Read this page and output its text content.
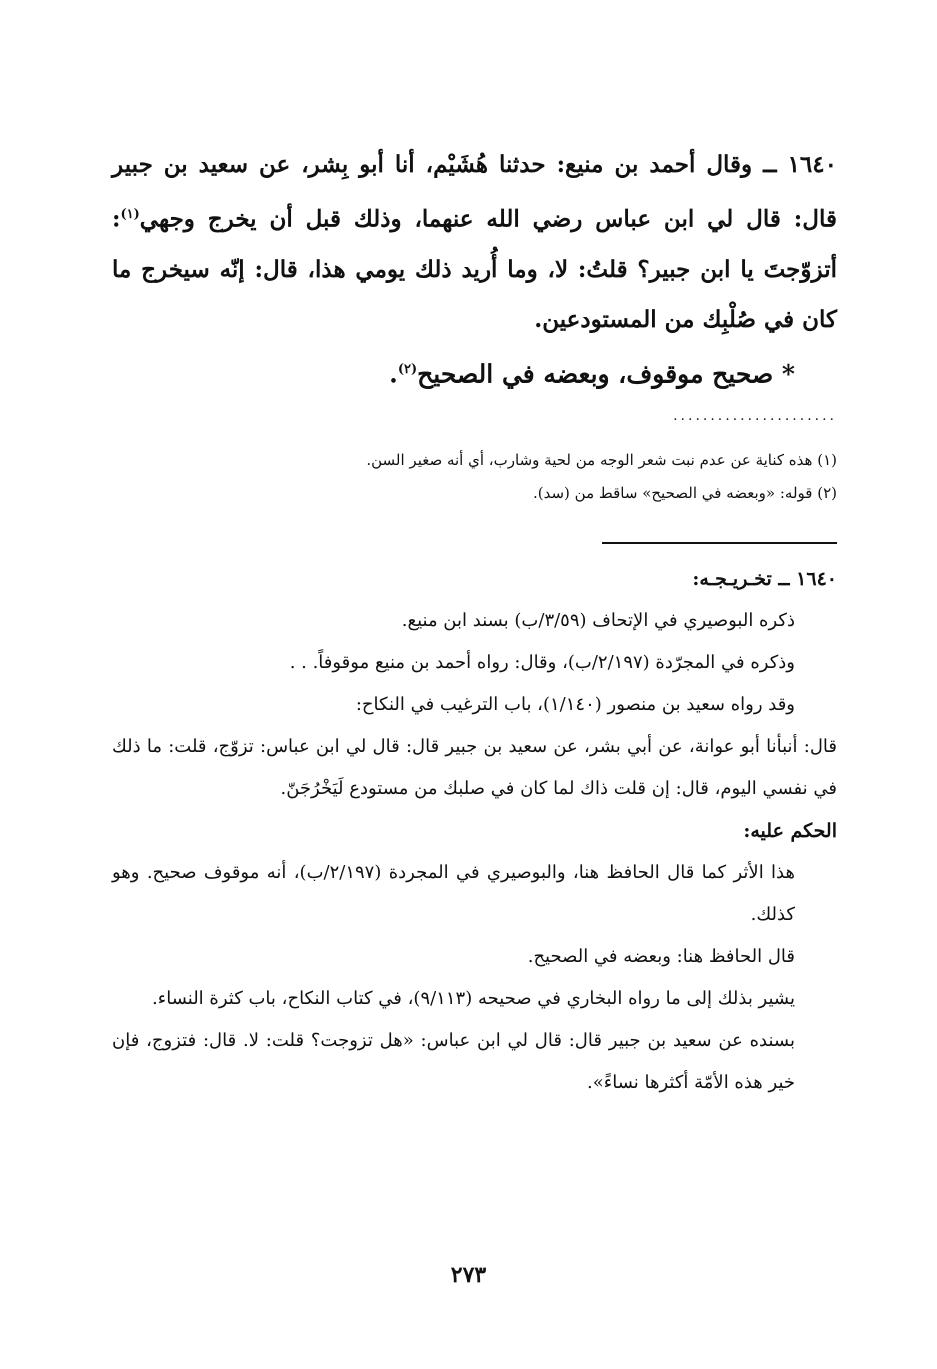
١٦٤٠ ــ وقال أحمد بن منيع: حدثنا هُشَيْم، أنا أبو بِشر، عن سعيد بن جبير قال: قال لي ابن عباس رضي الله عنهما، وذلك قبل أن يخرج وجهي$^{(١)}$: أتزوّجتَ يا ابن جبير؟ قلتُ: لا، وما أُريد ذلك يومي هذا، قال: إنّه سيخرج ما كان في صُلْبِك من المستودعين.

* صحيح موقوف، وبعضه في الصحيح$^{(٢)}$.
......................
(١) هذه كناية عن عدم نبت شعر الوجه من لحية وشارب، أي أنه صغير السن.
(٢) قوله: «وبعضه في الصحيح» ساقط من (سد).

١٦٤٠ ــ تخـريـجـه:

ذكره البوصيري في الإتحاف (٣/٥٩/ب) بسند ابن منيع.

وذكره في المجرّدة (٢/١٩٧/ب)، وقال: رواه أحمد بن منيع موقوفاً. . .

وقد رواه سعيد بن منصور (١/١٤٠)، باب الترغيب في النكاح:

قال: أنبأنا أبو عوانة، عن أبي بشر، عن سعيد بن جبير قال: قال لي ابن عباس: تزوّج، قلت: ما ذلك في نفسي اليوم، قال: إن قلت ذاك لما كان في صلبك من مستودع لَيَخْرُجَنّ.

الحكم عليه:

هذا الأثر كما قال الحافظ هنا، والبوصيري في المجردة (٢/١٩٧/ب)، أنه موقوف صحيح. وهو كذلك.

قال الحافظ هنا: وبعضه في الصحيح.

يشير بذلك إلى ما رواه البخاري في صحيحه (٩/١١٣)، في كتاب النكاح، باب كثرة النساء.

بسنده عن سعيد بن جبير قال: قال لي ابن عباس: «هل تزوجت؟ قلت: لا. قال: فتزوج، فإن خير هذه الأمّة أكثرها نساءً».

٢٧٣
